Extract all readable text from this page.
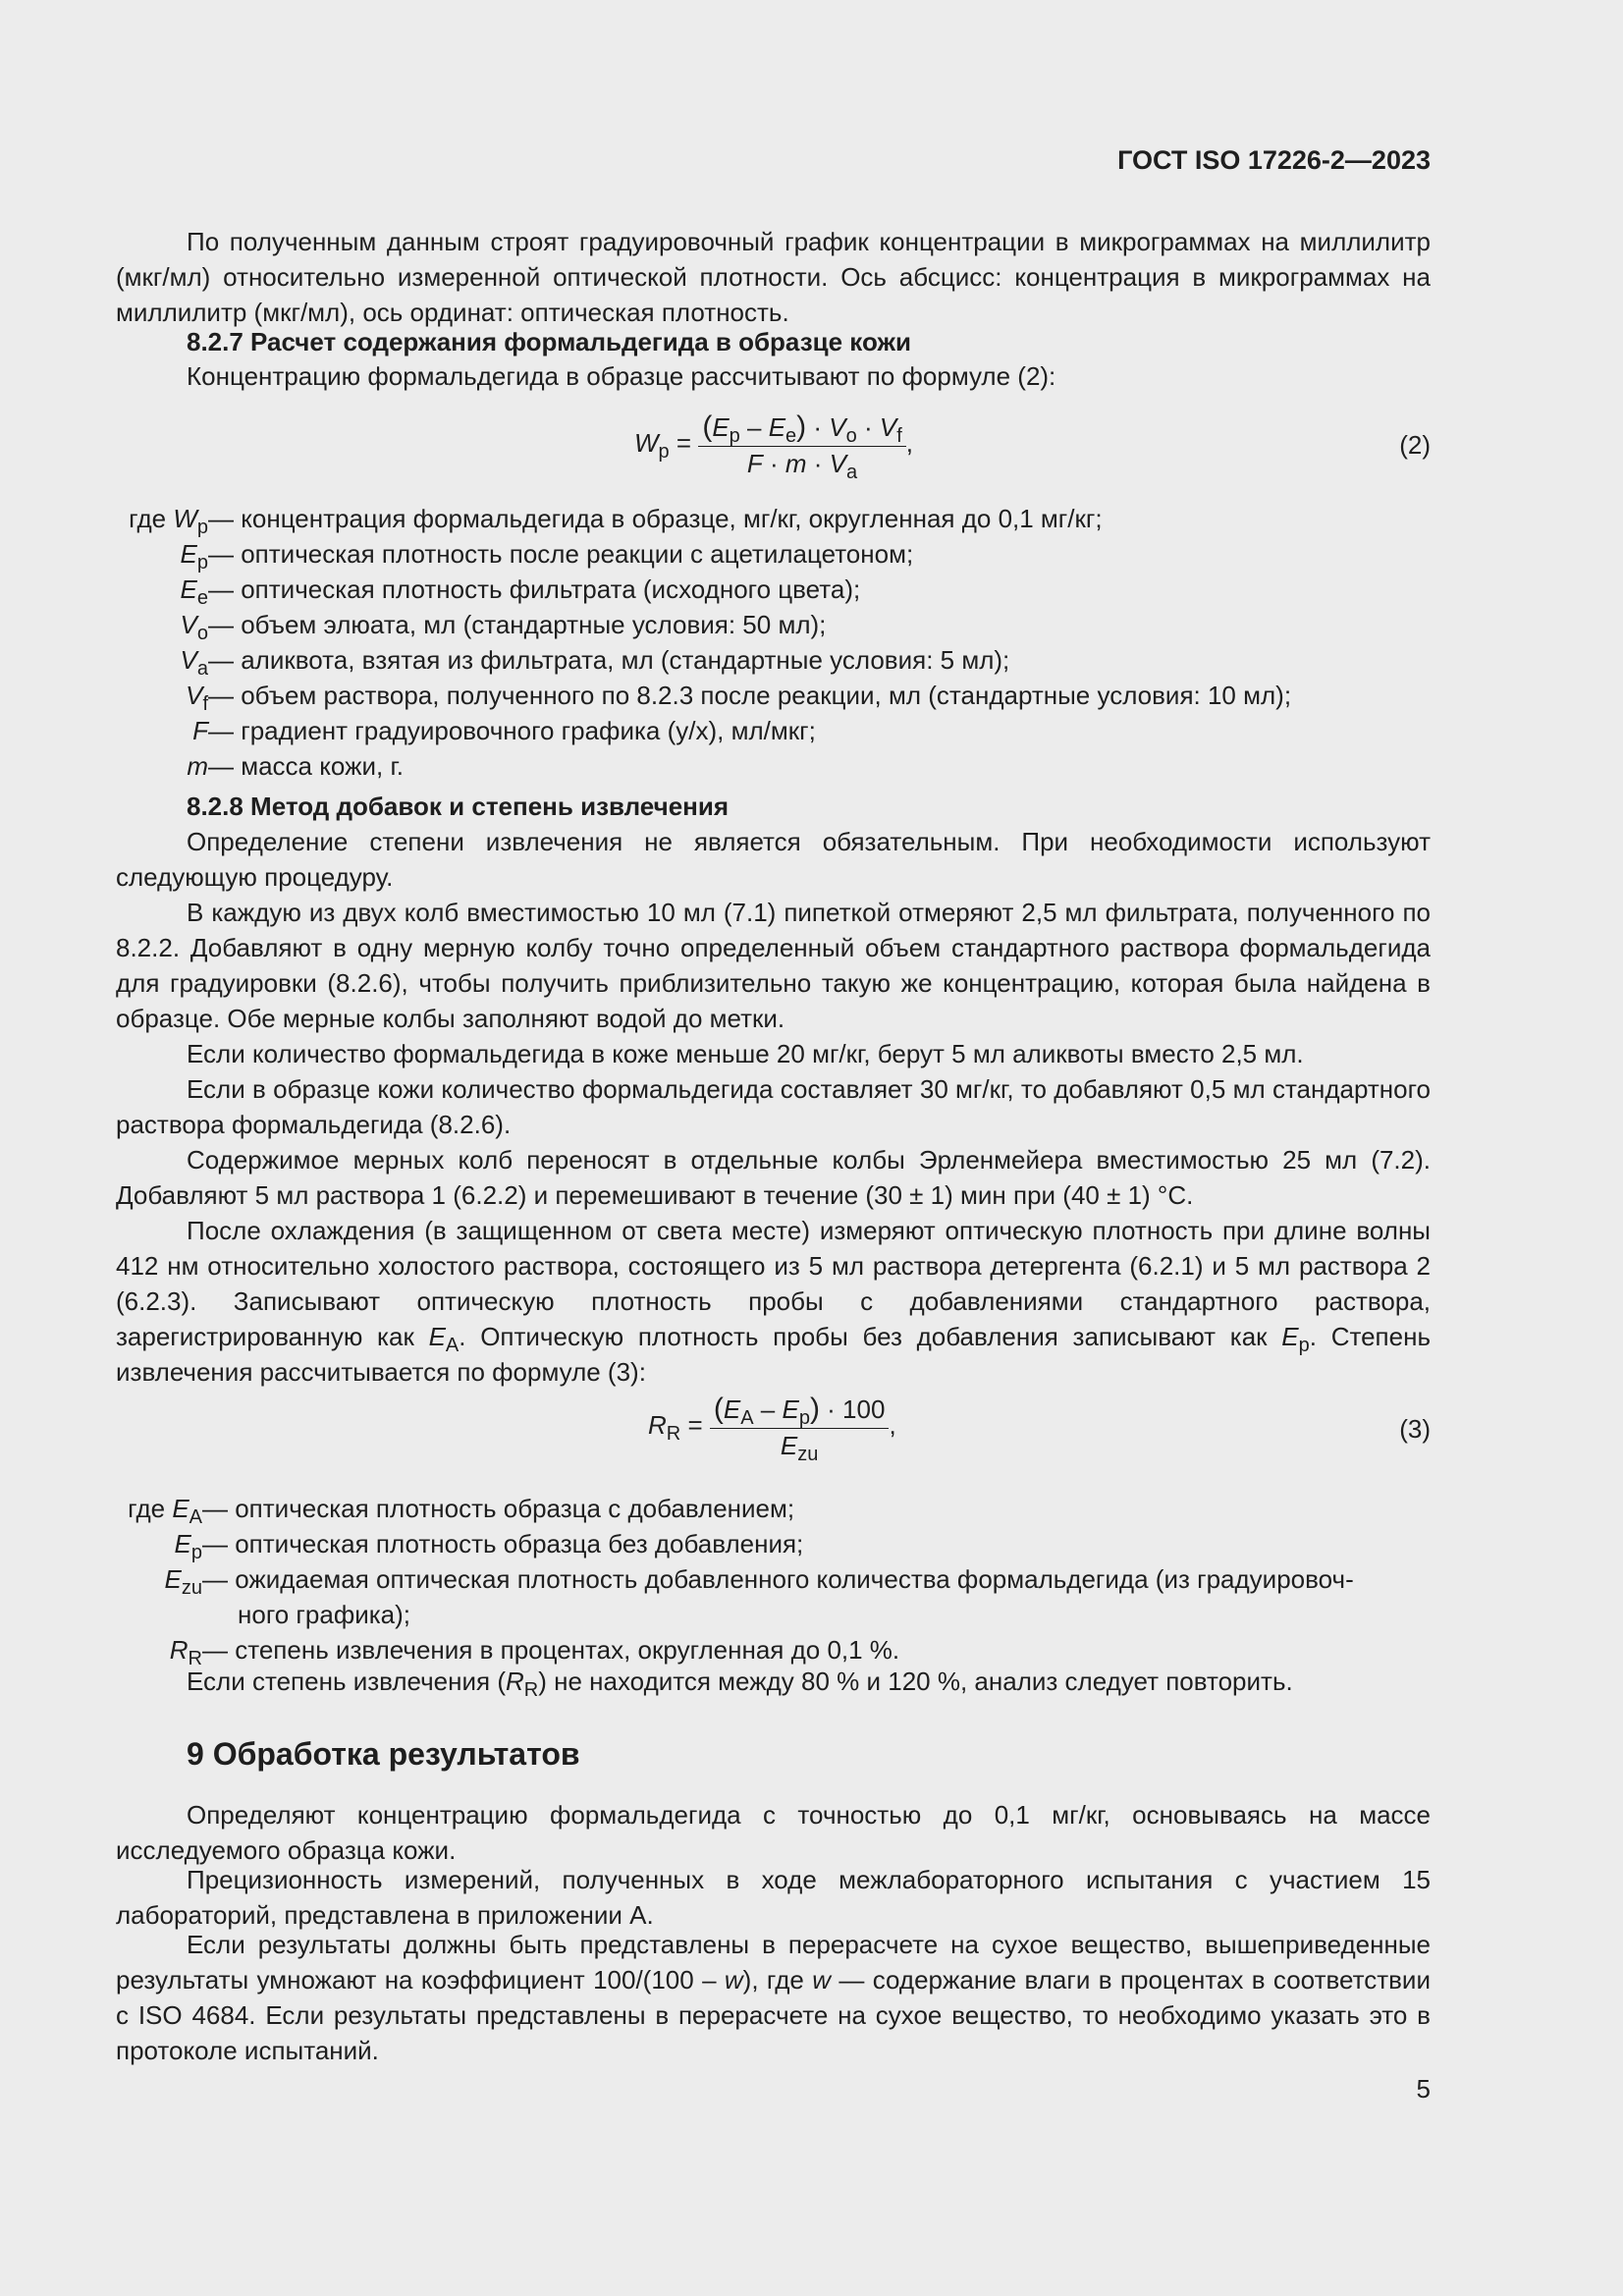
ГОСТ ISO 17226-2—2023
По полученным данным строят градуировочный график концентрации в микрограммах на миллилитр (мкг/мл) относительно измеренной оптической плотности. Ось абсцисс: концентрация в микрограммах на миллилитр (мкг/мл), ось ординат: оптическая плотность.
8.2.7 Расчет содержания формальдегида в образце кожи
Концентрацию формальдегида в образце рассчитывают по формуле (2):
$W_p = \frac{(E_p - E_e) \cdot V_o \cdot V_f}{F \cdot m \cdot V_a}$ ,	(2)
где $W_p$ — концентрация формальдегида в образце, мг/кг, округленная до 0,1 мг/кг;
$E_p$ — оптическая плотность после реакции с ацетилацетоном;
$E_e$ — оптическая плотность фильтрата (исходного цвета);
$V_o$ — объем элюата, мл (стандартные условия: 50 мл);
$V_a$ — аликвота, взятая из фильтрата, мл (стандартные условия: 5 мл);
$V_f$ — объем раствора, полученного по 8.2.3 после реакции, мл (стандартные условия: 10 мл);
F — градиент градуировочного графика (y/x), мл/мкг;
m — масса кожи, г.
8.2.8 Метод добавок и степень извлечения
Определение степени извлечения не является обязательным. При необходимости используют следующую процедуру.
В каждую из двух колб вместимостью 10 мл (7.1) пипеткой отмеряют 2,5 мл фильтрата, полученного по 8.2.2. Добавляют в одну мерную колбу точно определенный объем стандартного раствора формальдегида для градуировки (8.2.6), чтобы получить приблизительно такую же концентрацию, которая была найдена в образце. Обе мерные колбы заполняют водой до метки.
Если количество формальдегида в коже меньше 20 мг/кг, берут 5 мл аликвоты вместо 2,5 мл.
Если в образце кожи количество формальдегида составляет 30 мг/кг, то добавляют 0,5 мл стандартного раствора формальдегида (8.2.6).
Содержимое мерных колб переносят в отдельные колбы Эрленмейера вместимостью 25 мл (7.2). Добавляют 5 мл раствора 1 (6.2.2) и перемешивают в течение (30 ± 1) мин при (40 ± 1) °С.
После охлаждения (в защищенном от света месте) измеряют оптическую плотность при длине волны 412 нм относительно холостого раствора, состоящего из 5 мл раствора детергента (6.2.1) и 5 мл раствора 2 (6.2.3). Записывают оптическую плотность пробы с добавлениями стандартного раствора, зарегистрированную как $E_A$. Оптическую плотность пробы без добавления записывают как $E_p$. Степень извлечения рассчитывается по формуле (3):
$R_R = \frac{(E_A - E_p) \cdot 100}{E_{zu}}$ ,	(3)
где $E_A$ — оптическая плотность образца с добавлением;
$E_p$ — оптическая плотность образца без добавления;
$E_{zu}$ — ожидаемая оптическая плотность добавленного количества формальдегида (из градуировоч-
ного графика);
$R_R$ — степень извлечения в процентах, округленная до 0,1 %.
Если степень извлечения $(R_R)$ не находится между 80 % и 120 %, анализ следует повторить.
9 Обработка результатов
Определяют концентрацию формальдегида с точностью до 0,1 мг/кг, основываясь на массе исследуемого образца кожи.
Прецизионность измерений, полученных в ходе межлабораторного испытания с участием 15 лабораторий, представлена в приложении А.
Если результаты должны быть представлены в перерасчете на сухое вещество, вышеприведенные результаты умножают на коэффициент 100/(100 – w), где w — содержание влаги в процентах в соответствии с ISO 4684. Если результаты представлены в перерасчете на сухое вещество, то необходимо указать это в протоколе испытаний.
5
